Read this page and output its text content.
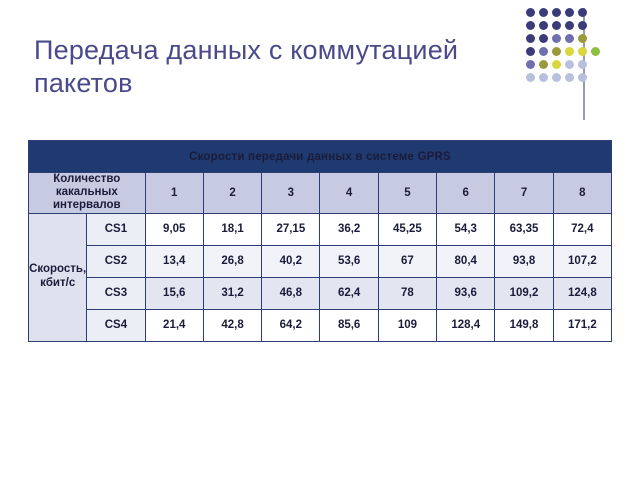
Передача данных с коммутацией пакетов
Скорости передачи данных в системе GPRS									
Количество какальных интервалов		1	2	3	4	5	6	7	8
Скорость, кбит/с	CS1	9,05	18,1	27,15	36,2	45,25	54,3	63,35	72,4
	CS2	13,4	26,8	40,2	53,6	67	80,4	93,8	107,2
	CS3	15,6	31,2	46,8	62,4	78	93,6	109,2	124,8
	CS4	21,4	42,8	64,2	85,6	109	128,4	149,8	171,2
